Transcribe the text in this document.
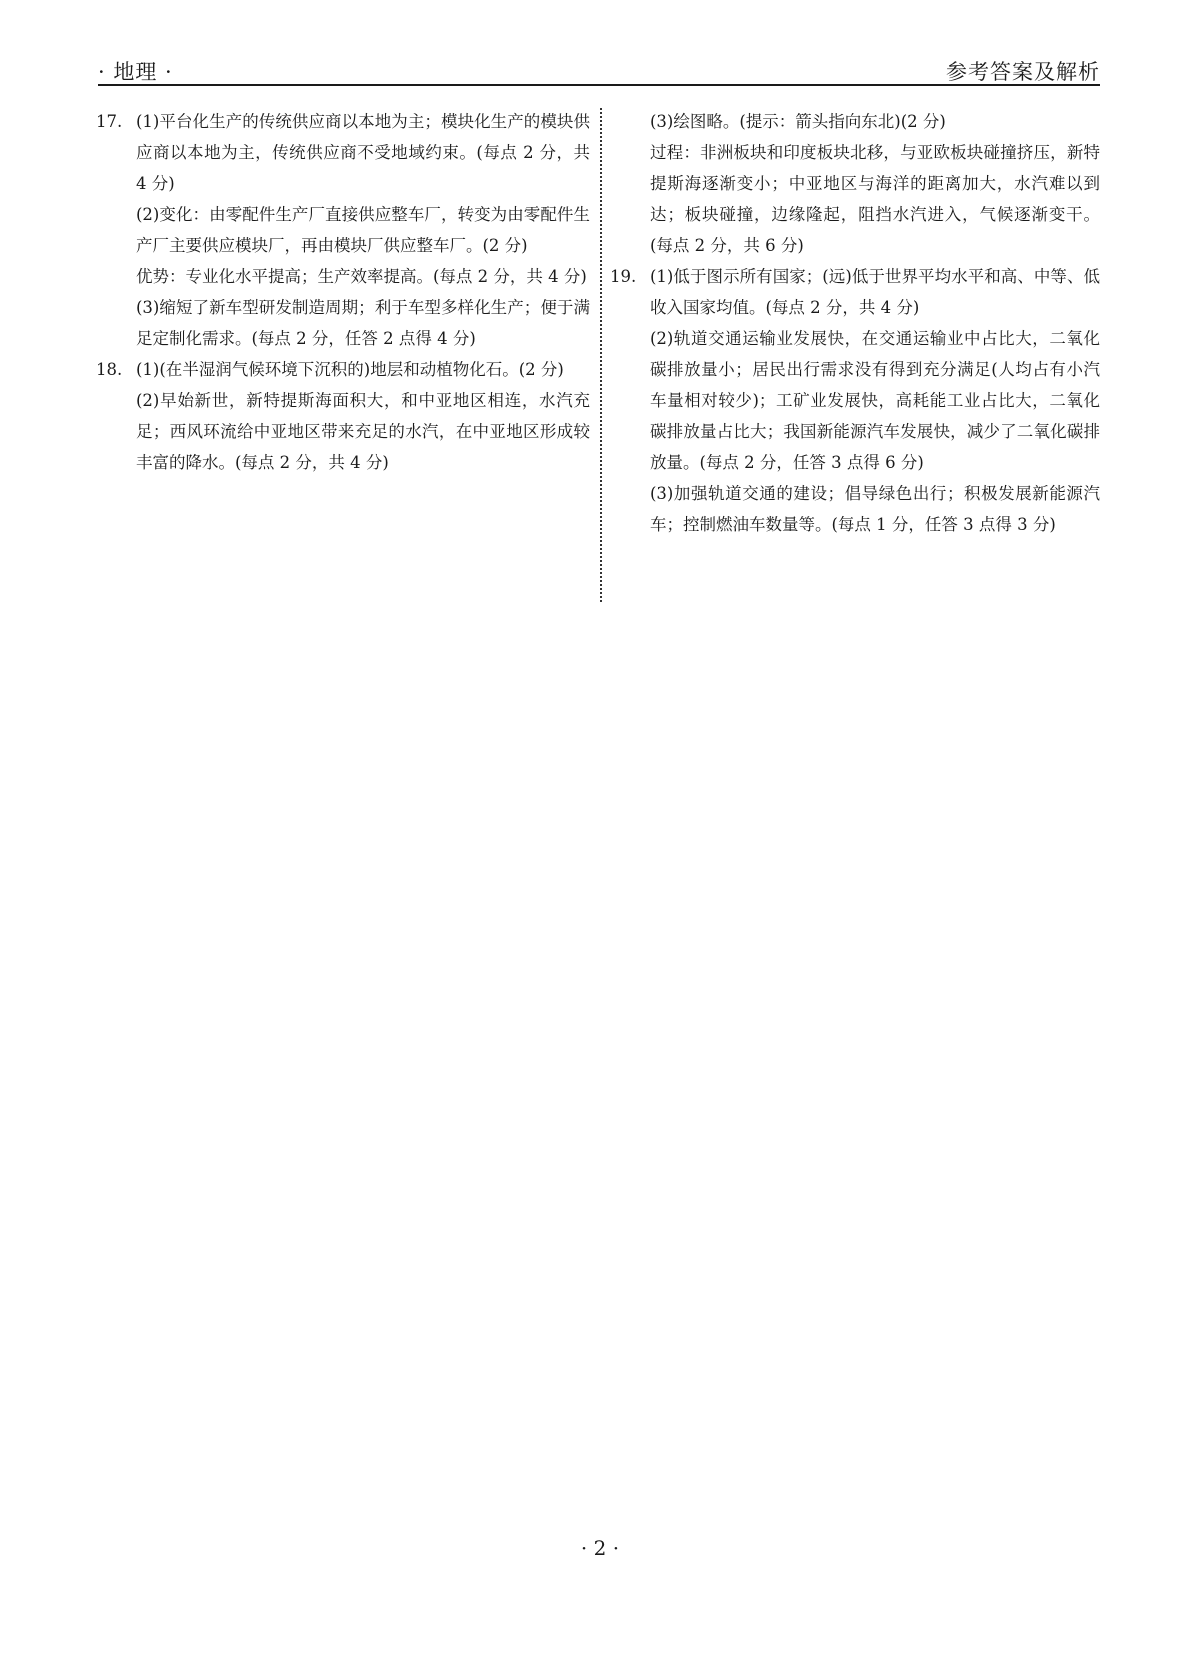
· 地理 ·	参考答案及解析
17. (1)平台化生产的传统供应商以本地为主；模块化生产的模块供应商以本地为主，传统供应商不受地域约束。(每点 2 分，共 4 分)

(2)变化：由零配件生产厂直接供应整车厂，转变为由零配件生产厂主要供应模块厂，再由模块厂供应整车厂。(2 分)

优势：专业化水平提高；生产效率提高。(每点 2 分，共 4 分)

(3)缩短了新车型研发制造周期；利于车型多样化生产；便于满足定制化需求。(每点 2 分，任答 2 点得 4 分)

18. (1)(在半湿润气候环境下沉积的)地层和动植物化石。(2 分)

(2)早始新世，新特提斯海面积大，和中亚地区相连，水汽充足；西风环流给中亚地区带来充足的水汽，在中亚地区形成较丰富的降水。(每点 2 分，共 4 分)

(3)绘图略。(提示：箭头指向东北)(2 分)

过程：非洲板块和印度板块北移，与亚欧板块碰撞挤压，新特提斯海逐渐变小；中亚地区与海洋的距离加大，水汽难以到达；板块碰撞，边缘隆起，阻挡水汽进入，气候逐渐变干。(每点 2 分，共 6 分)

19. (1)低于图示所有国家；(远)低于世界平均水平和高、中等、低收入国家均值。(每点 2 分，共 4 分)

(2)轨道交通运输业发展快，在交通运输业中占比大，二氧化碳排放量小；居民出行需求没有得到充分满足(人均占有小汽车量相对较少)；工矿业发展快，高耗能工业占比大，二氧化碳排放量占比大；我国新能源汽车发展快，减少了二氧化碳排放量。(每点 2 分，任答 3 点得 6 分)

(3)加强轨道交通的建设；倡导绿色出行；积极发展新能源汽车；控制燃油车数量等。(每点 1 分，任答 3 点得 3 分)

· 2 ·
